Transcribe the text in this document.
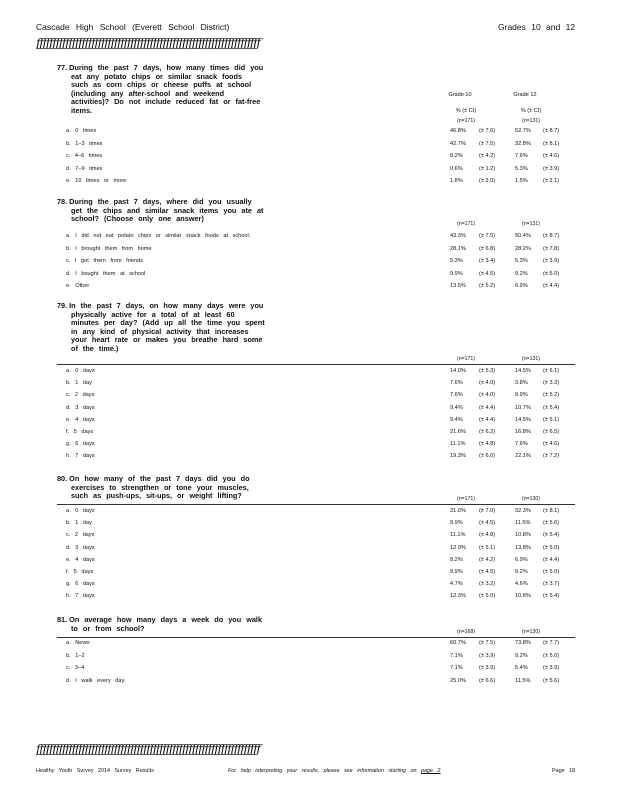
Cascade High School (Everett School District)	Grades 10 and 12
ƒƒƒƒƒƒƒƒƒƒƒƒƒƒƒƒƒƒƒƒƒƒƒƒƒƒƒƒƒƒƒƒƒƒƒƒƒƒƒƒƒƒƒƒƒƒƒƒƒƒƒƒƒƒƒƒƒƒƒƒƒƒƒƒƒƒƒƒƒ
77. During the past 7 days, how many times did you
eat any potato chips or similar snack foods
such as corn chips or cheese puffs at school
(including any after-school and weekend
activities)? Do not include reduced fat or fat-free
items.
Grade 10	Grade 12
% (± CI)	% (± CI)
(n=171)	(n=131)
a. 0 times	46.8% (± 7.6)	52.7% (± 8.7)
b. 1–3 times	42.7% (± 7.5)	32.8% (± 8.1)
c. 4–6 times	8.2%	(± 4.2)	7.6%	(± 4.6)
d. 7–9 times	0.6%	(± 1.2)	5.3%	(± 3.9)
e. 10 times or more	1.8%	(± 2.0)	1.5%	(± 2.1)
78. During the past 7 days, where did you usually
get the chips and similar snack items you ate at
school? (Choose only one answer)
(n=171)	(n=131)
a. I did not eat potato chips or similar snack foods at school.	43.3% (± 7.5)	50.4% (± 8.7)
b. I brought them from home	28.1% (± 6.8)	28.2% (± 7.8)
c. I got them from friends	5.3%	(± 3.4)	5.3%	(± 3.9)
d. I bought them at school	9.9%	(± 4.5)	9.2%	(± 5.0)
e. Other	13.5% (± 5.2)	6.9%	(± 4.4)
79. In the past 7 days, on how many days were you
physically active for a total of at least 60
minutes per day? (Add up all the time you spent
in any kind of physical activity that increases
your heart rate or makes you breathe hard some
of the time.)
(n=171)	(n=131)
a. 0 days	14.0% (± 5.3)	14.5% (± 6.1)
b. 1 day	7.6%	(± 4.0)	3.8%	(± 3.3)
c. 2 days	7.6%	(± 4.0)	9.9%	(± 5.2)
d. 3 days	9.4%	(± 4.4)	10.7% (± 5.4)
e. 4 days	9.4%	(± 4.4)	14.5% (± 6.1)
f. 5 days	21.6% (± 6.2)	16.8% (± 6.5)
g. 6 days	11.1% (± 4.8)	7.6%	(± 4.6)
h. 7 days	19.3% (± 6.0)	22.1% (± 7.2)
80. On how many of the past 7 days did you do
exercises to strengthen or tone your muscles,
such as push-ups, sit-ups, or weight lifting?	(n=171)	(n=130)
a. 0 days	31.0% (± 7.0)	32.3% (± 8.1)
b. 1 day	9.9%	(± 4.5)	11.5% (± 5.6)
c. 2 days	11.1% (± 4.8)	10.8% (± 5.4)
d. 3 days	12.9% (± 5.1)	13.8% (± 6.0)
e. 4 days	8.2%	(± 4.2)	6.9%	(± 4.4)
f. 5 days	9.9%	(± 4.5)	9.2%	(± 5.0)
g. 6 days	4.7%	(± 3.2)	4.6%	(± 3.7)
h. 7 days	12.3% (± 5.0)	10.8% (± 5.4)
81. On average how many days a week do you walk
to or from school?	(n=168)	(n=130)
a. Never	60.7% (± 7.5)	73.8% (± 7.7)
b. 1–2	7.1%	(± 3.9)	9.2%	(± 5.0)
c. 3–4	7.1%	(± 3.9)	5.4%	(± 3.9)
d. I walk every day.	25.0% (± 6.6)	11.5% (± 5.6)
ƒƒƒƒƒƒƒƒƒƒƒƒƒƒƒƒƒƒƒƒƒƒƒƒƒƒƒƒƒƒƒƒƒƒƒƒƒƒƒƒƒƒƒƒƒƒƒƒƒƒƒƒƒƒƒƒƒƒƒƒƒƒƒƒƒƒƒƒƒ
Healthy Youth Survey 2014 Survey Results	For help interpreting your results, please see information starting on page 2	Page 18
